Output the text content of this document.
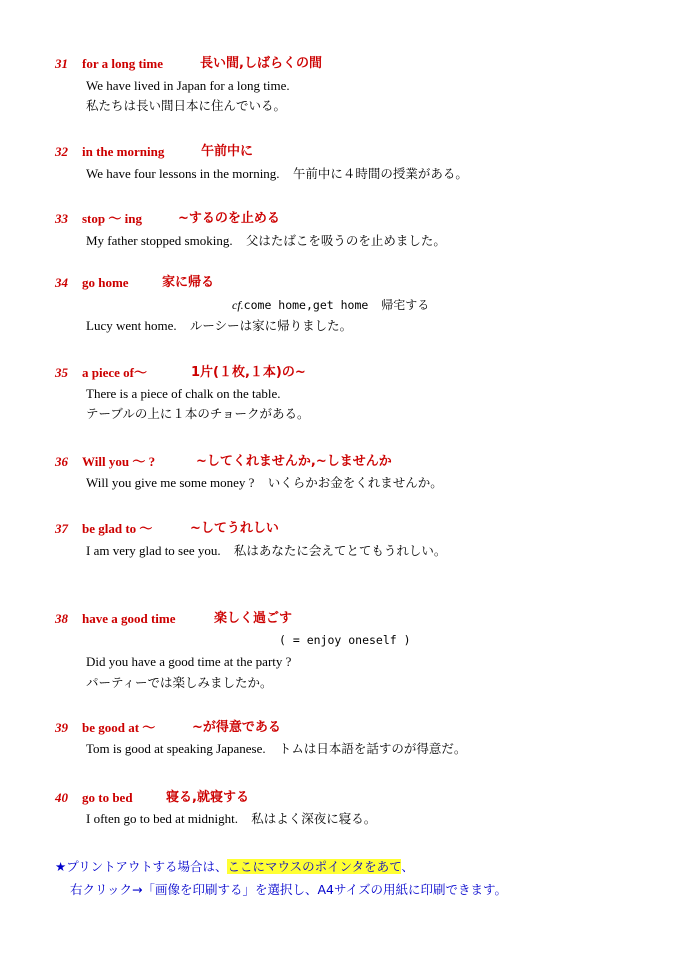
31 for a long time	長い間,しばらくの間
We have lived in Japan for a long time.
私たちは長い間日本に住んでいる。
32 in the morning	午前中に
We have four lessons in the morning. 午前中に４時間の授業がある。
33 stop ～ ing	~するのを止める
My father stopped smoking. 父はたばこを吸うのを止めました。
34 go home	家に帰る
cf.come home,get home 帰宅する
Lucy went home. ルーシーは家に帰りました。
35 a piece of～	1片(１枚,１本)の~
There is a piece of chalk on the table.
テーブルの上に１本のチョークがある。
36 Will you ～ ?	~してくれませんか,~しませんか
Will you give me some money ? いくらかお金をくれませんか。
37 be glad to ～	~してうれしい
I am very glad to see you. 私はあなたに会えてとてもうれしい。
38 have a good time	楽しく過ごす
( = enjoy oneself )
Did you have a good time at the party ?
パーティーでは楽しみましたか。
39 be good at ～	~が得意である
Tom is good at speaking Japanese. トムは日本語を話すのが得意だ。
40 go to bed	寝る,就寝する
I often go to bed at midnight. 私はよく深夜に寝る。
★プリントアウトする場合は、ここにマウスのポインタをあて、
右クリック→「画像を印刷する」を選択し、A4サイズの用紙に印刷できます。
